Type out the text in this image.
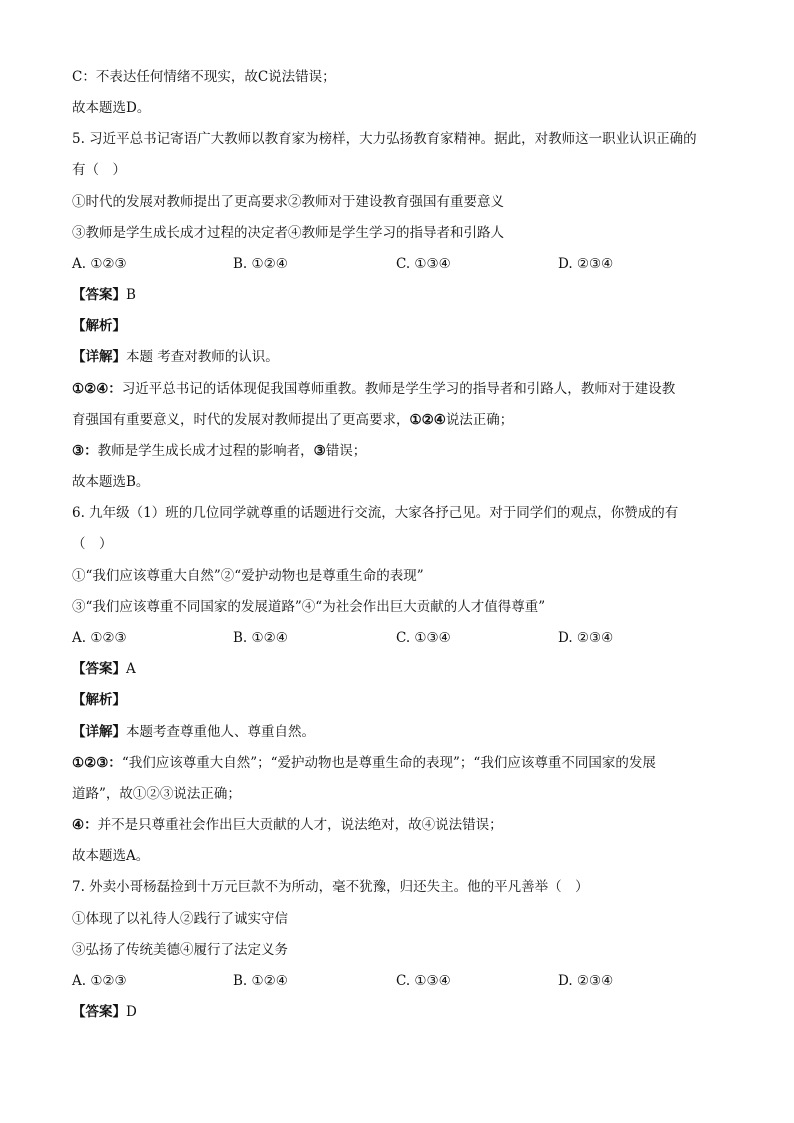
C：不表达任何情绪不现实，故C说法错误；
故本题选D。
5. 习近平总书记寄语广大教师以教育家为榜样，大力弘扬教育家精神。据此，对教师这一职业认识正确的
有（　）
①时代的发展对教师提出了更高要求②教师对于建设教育强国有重要意义
③教师是学生成长成才过程的决定者④教师是学生学习的指导者和引路人
A. ①②③	B. ①②④	C. ①③④	D. ②③④
【答案】B
【解析】
【详解】本题 考查对教师的认识。
①②④：习近平总书记的话体现促我国尊师重教。教师是学生学习的指导者和引路人，教师对于建设教
育强国有重要意义，时代的发展对教师提出了更高要求，①②④说法正确；
③：教师是学生成长成才过程的影响者，③错误；
故本题选B。
6. 九年级（1）班的几位同学就尊重的话题进行交流，大家各抒己见。对于同学们的观点，你赞成的有
（　）
①“我们应该尊重大自然”②“爱护动物也是尊重生命的表现”
③“我们应该尊重不同国家的发展道路”④“为社会作出巨大贡献的人才值得尊重”
A. ①②③	B. ①②④	C. ①③④	D. ②③④
【答案】A
【解析】
【详解】本题考查尊重他人、尊重自然。
①②③：“我们应该尊重大自然”；“爱护动物也是尊重生命的表现”；“我们应该尊重不同国家的发展
道路”，故①②③说法正确；
④：并不是只尊重社会作出巨大贡献的人才，说法绝对，故④说法错误；
故本题选A。
7. 外卖小哥杨磊捡到十万元巨款不为所动，毫不犹豫，归还失主。他的平凡善举（　）
①体现了以礼待人②践行了诚实守信
③弘扬了传统美德④履行了法定义务
A. ①②③	B. ①②④	C. ①③④	D. ②③④
【答案】D
